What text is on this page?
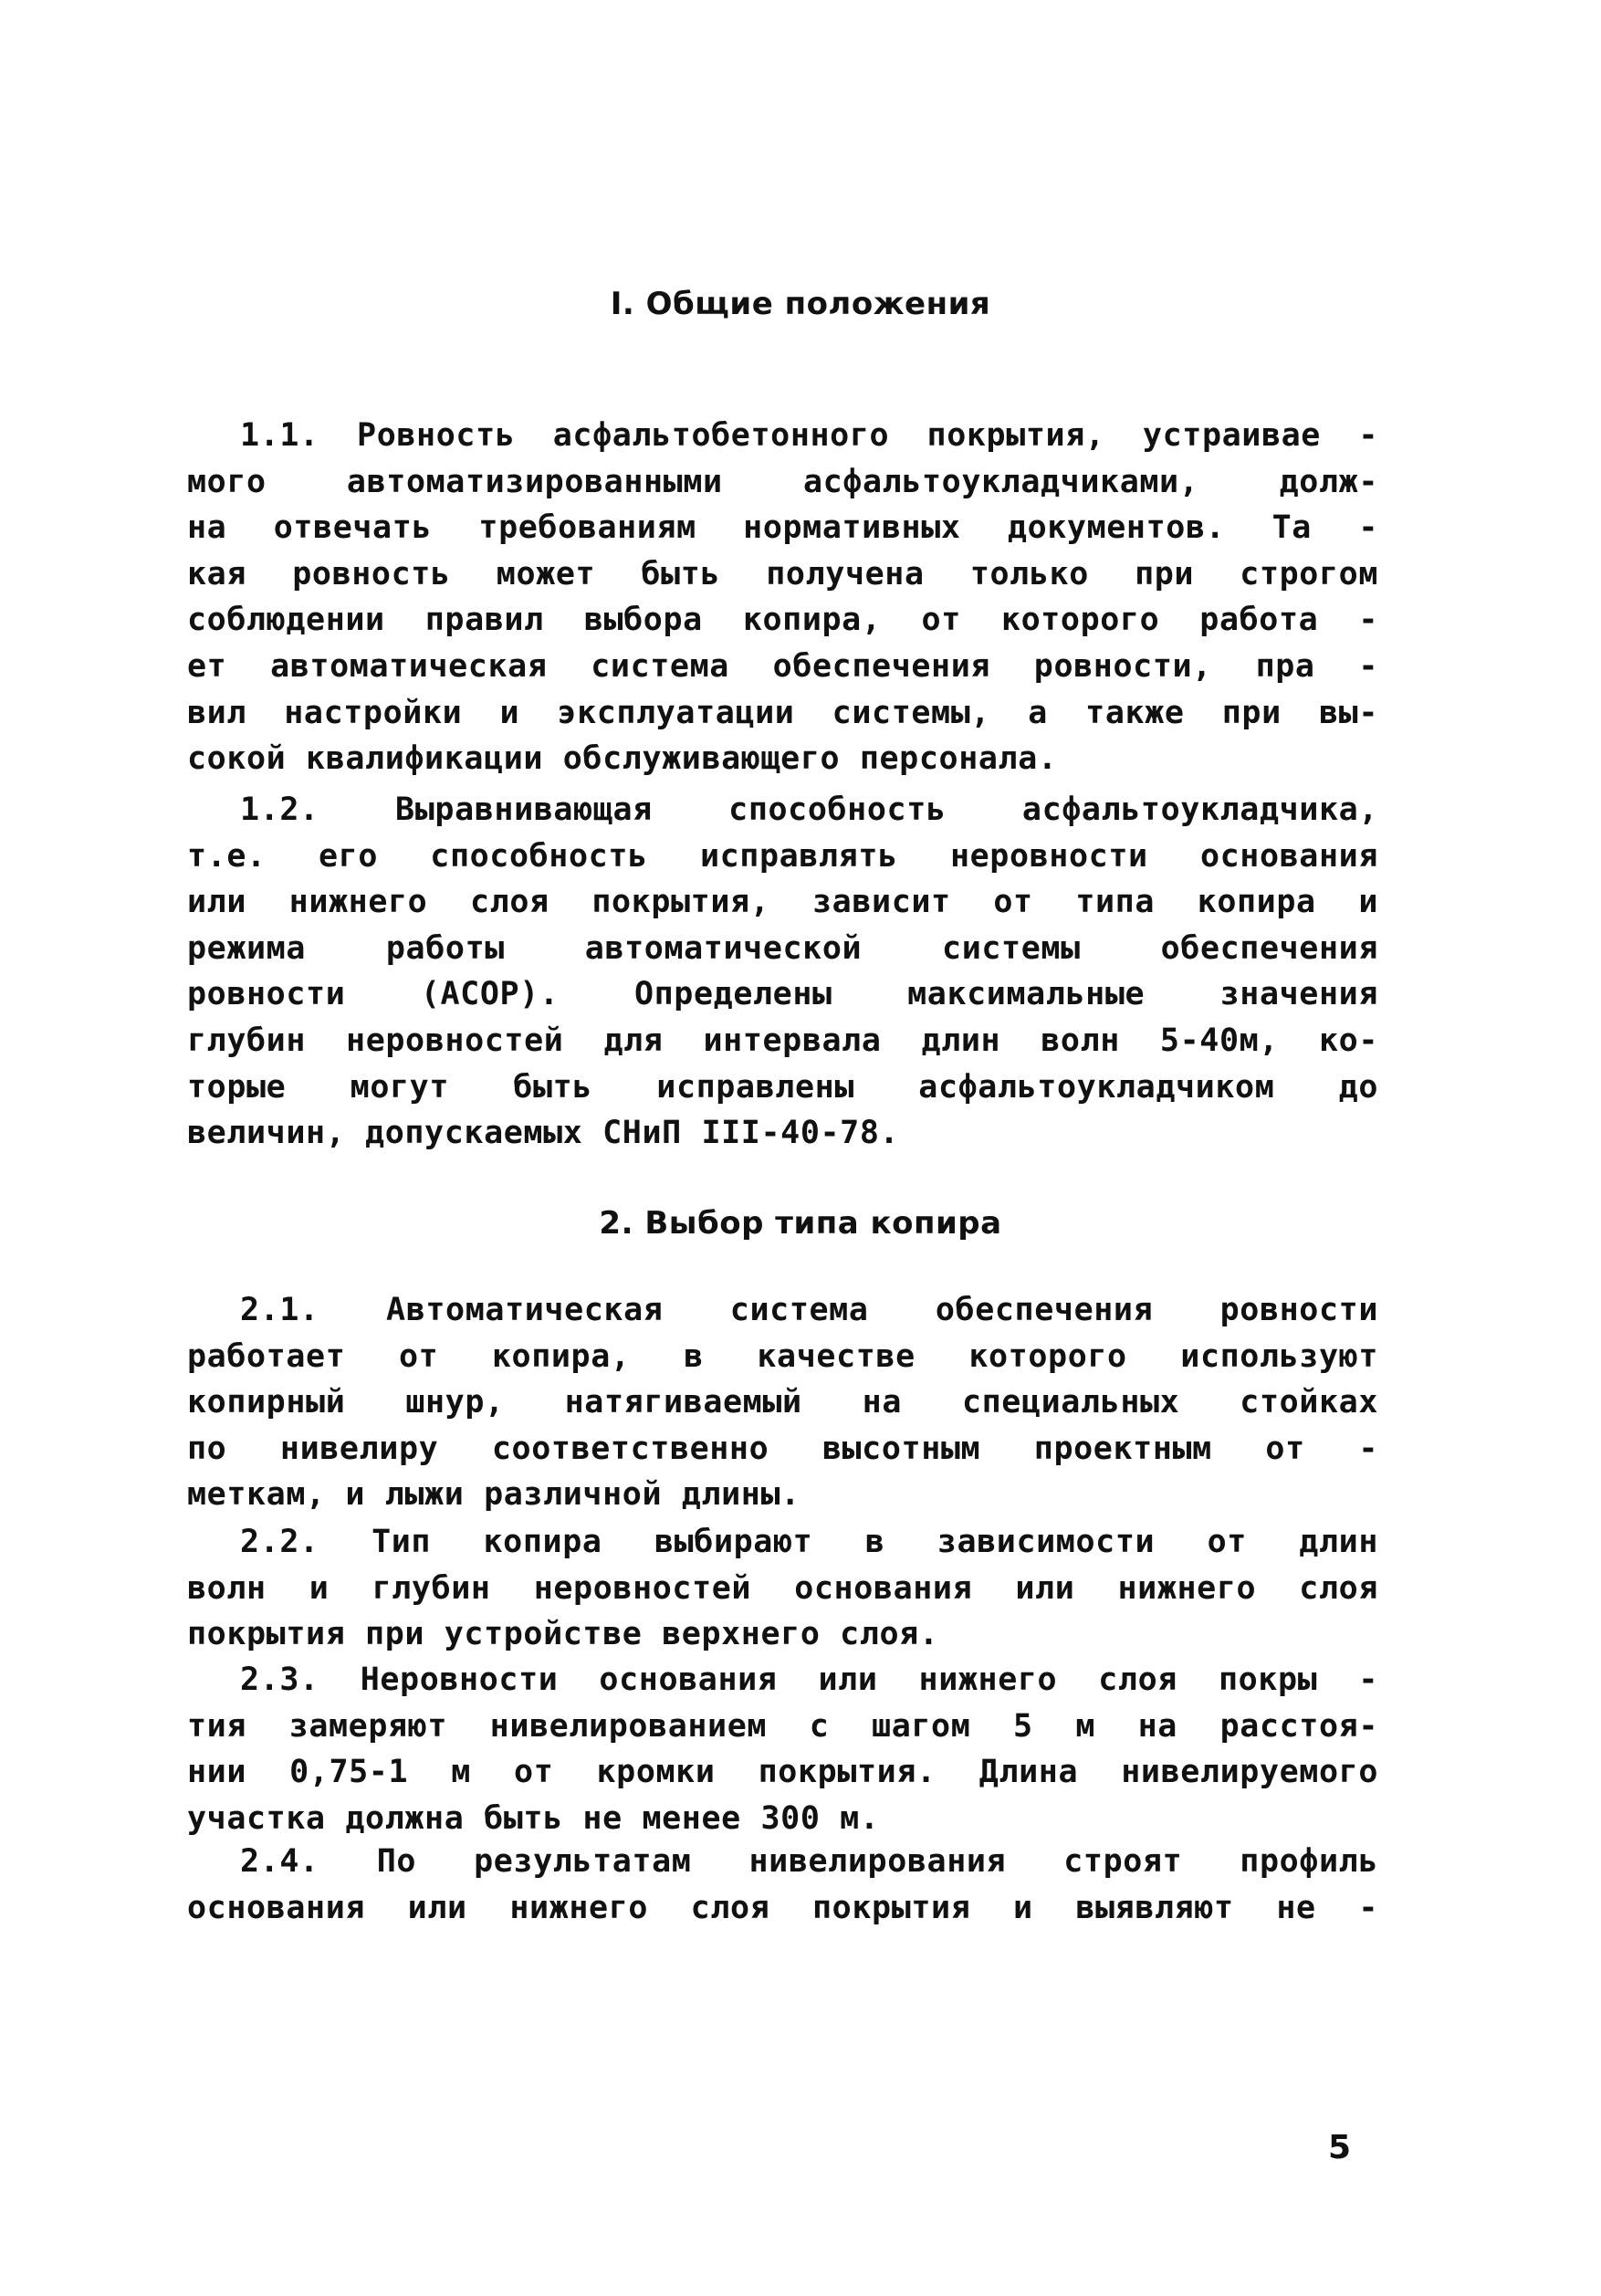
I. Общие положения
1.1. Ровность асфальтобетонного покрытия, устраивае -
мого автоматизированными асфальтоукладчиками, долж-
на отвечать требованиям нормативных документов. Та -
кая ровность может быть получена только при строгом
соблюдении правил выбора копира, от которого работа -
ет автоматическая система обеспечения ровности, пра -
вил настройки и эксплуатации системы, а также при вы-
сокой квалификации обслуживающего персонала.
1.2. Выравнивающая способность асфальтоукладчика,
т.е. его способность исправлять неровности основания
или нижнего слоя покрытия, зависит от типа копира и
режима работы автоматической системы обеспечения
ровности (АСОР). Определены максимальные значения
глубин неровностей для интервала длин волн 5-40м, ко-
торые могут быть исправлены асфальтоукладчиком до
величин, допускаемых СНиП III-40-78.
2. Выбор типа копира
2.1. Автоматическая система обеспечения ровности
работает от копира, в качестве которого используют
копирный шнур, натягиваемый на специальных стойках
по нивелиру соответственно высотным проектным от -
меткам, и лыжи различной длины.
2.2. Тип копира выбирают в зависимости от длин
волн и глубин неровностей основания или нижнего слоя
покрытия при устройстве верхнего слоя.
2.3. Неровности основания или нижнего слоя покры -
тия замеряют нивелированием с шагом 5 м на расстоя-
нии 0,75-1 м от кромки покрытия. Длина нивелируемого
участка должна быть не менее 300 м.
2.4. По результатам нивелирования строят профиль
основания или нижнего слоя покрытия и выявляют не -
5
